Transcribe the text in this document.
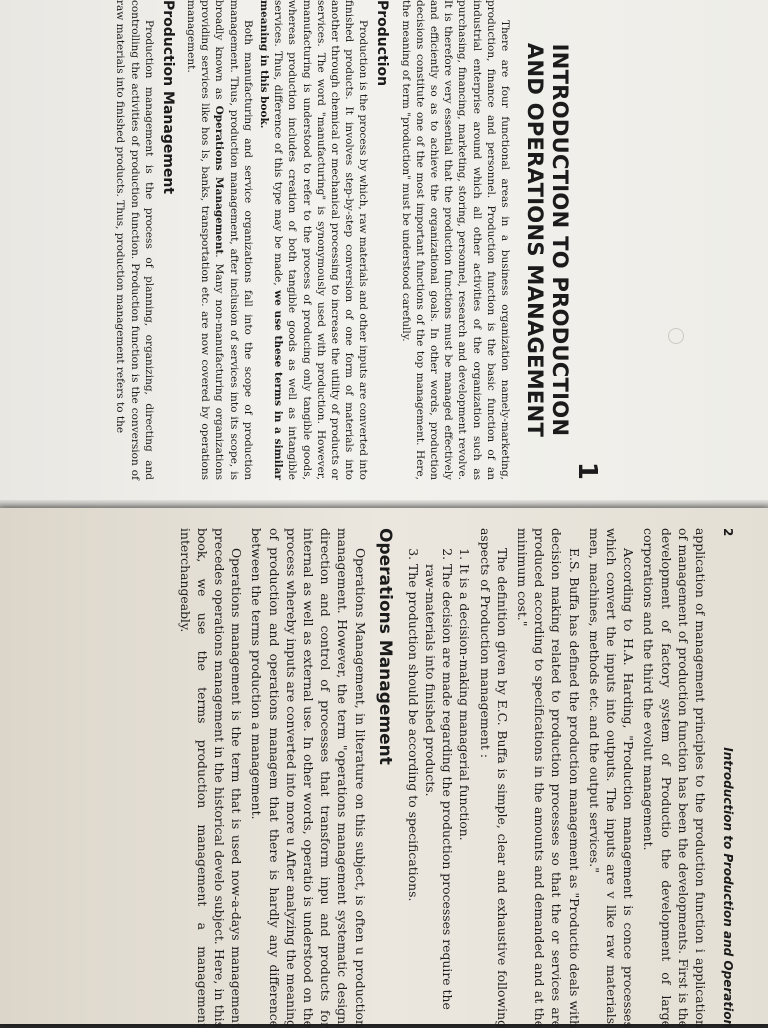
1
INTRODUCTION TO PRODUCTION
AND OPERATIONS MANAGEMENT

There are four functional areas in a business organization namely-marketing, production, finance and personnel. Production function is the basic function of an industrial enterprise around which all other activities of the organization such as purchasing, financing, marketing, storing, personnel, research and development revolve. It is therefore very essential that the production functions must be managed effectively and efficiently so as to achieve the organizational goals. In other words, production decisions constitute one of the most important functions of the top management. Here, the meaning of term "production" must be understood carefully.

Production

Production is the process by which, raw materials and other inputs are converted into finished products. It involves step-by-step conversion of one form of materials into another through chemical or mechanical processing to increase the utility of products or services. The word "manufacturing" is synonymously used with production. However, manufacturing is understood to refer to the process of producing only tangible goods, whereas production includes creation of both tangible goods as well as intangible services. Thus, difference of this type may be made, we use these terms in a similar meaning in this book.

Both manufacturing and service organizations fall into the scope of production management. Thus, production management, after inclusion of services into its scope, is broadly known as Operations Management. Many non-manufacturing organizations providing services like hos ls, banks, transportation etc. are now covered by operations management.

Production Management

Production management is the process of planning, organizing, directing and controlling the activities of production function. Production function is the conversion of raw materials into finished products. Thus, production management refers to the

2
Introduction to Production and Operation

application of management principles to the production function i application of management of production function has been the developments. First is the development of factory system of Productio the development of large corporations and the third the evolut management.

According to H.A. Harding, "Production management is conce processes which convert the inputs into outputs. The inputs are v like raw materials, men, machines, methods etc. and the output services."

E.S. Buffa has defined the production management as "Productio deals with decision making related to production processes so that the or services are produced according to specifications in the amounts and demanded and at the minimum cost."

The definition given by E.C. Buffa is simple, clear and exhaustive following aspects of Production management :

1. It is a decision-making managerial function.
2. The decision are made regarding the production processes require the raw-materials into finished products.
3. The production should be according to specifications.
Operations Management

Operations Management, in literature on this subject, is often u production management. However, the term "operations management systematic design, direction and control of processes that transform inpu and products for internal as well as external use. In other words, operatio is understood on the process whereby inputs are converted into more u After analyzing the meaning of production and operations managem that there is hardly any difference between the terms production a management.

Operations management is the term that is used now-a-days management precedes operations management in the historical develo subject. Here, in this book, we use the terms production management a management interchangeably.
